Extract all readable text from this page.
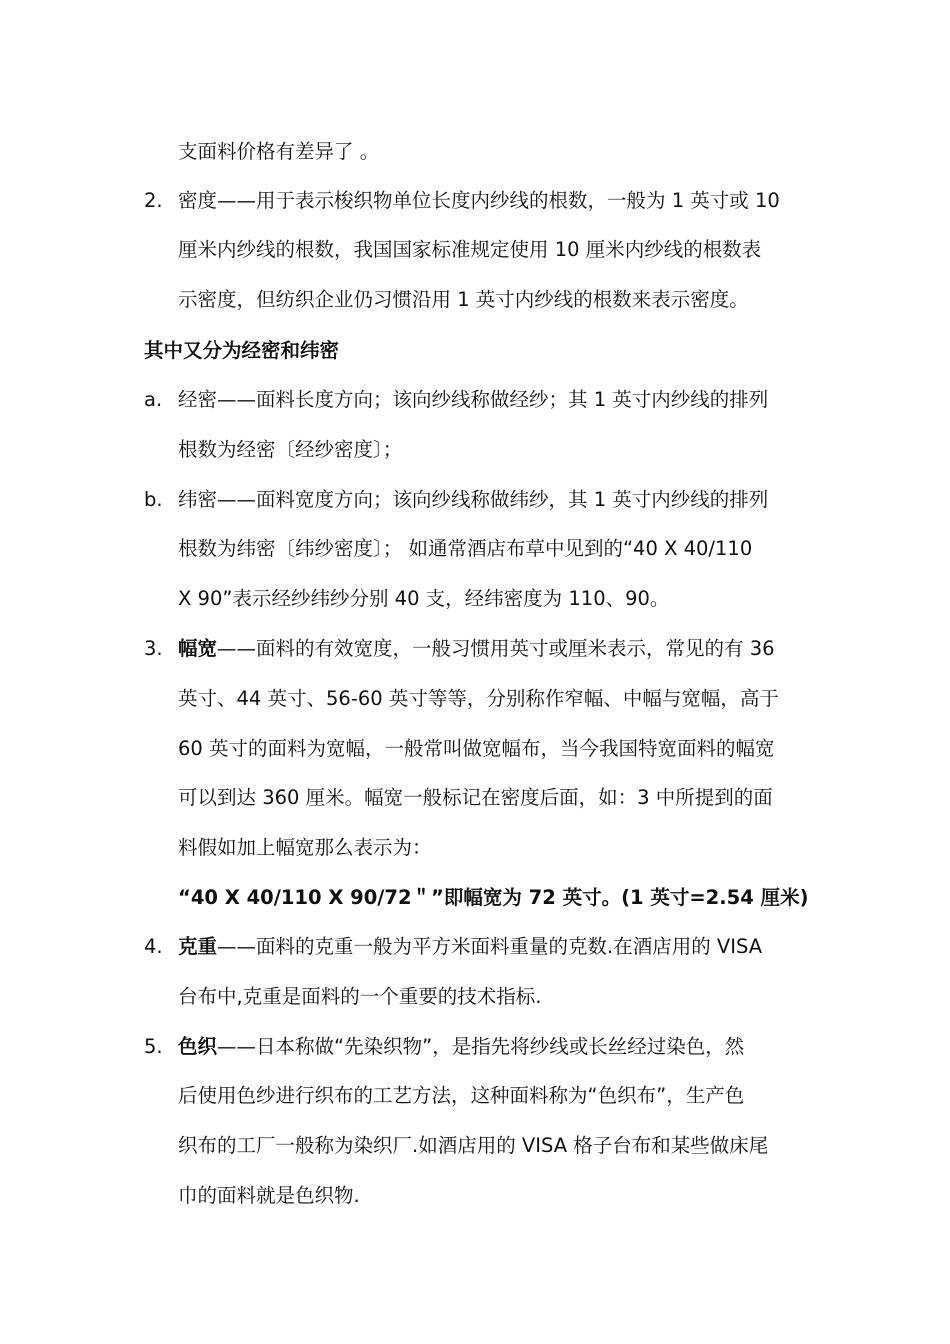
支面料价格有差异了 。
2. 密度——用于表示梭织物单位长度内纱线的根数，一般为 1 英寸或 10
厘米内纱线的根数，我国国家标准规定使用 10 厘米内纱线的根数表
示密度，但纺织企业仍习惯沿用 1 英寸内纱线的根数来表示密度。
其中又分为经密和纬密
a. 经密——面料长度方向；该向纱线称做经纱；其 1 英寸内纱线的排列
根数为经密〔经纱密度〕；
b. 纬密——面料宽度方向；该向纱线称做纬纱，其 1 英寸内纱线的排列
根数为纬密〔纬纱密度〕； 如通常酒店布草中见到的“40 X 40/110
X 90”表示经纱纬纱分别 40 支，经纬密度为 110、90。
3. 幅宽——面料的有效宽度，一般习惯用英寸或厘米表示，常见的有 36
英寸、44 英寸、56-60 英寸等等，分别称作窄幅、中幅与宽幅，高于
60 英寸的面料为宽幅，一般常叫做宽幅布，当今我国特宽面料的幅宽
可以到达 360 厘米。幅宽一般标记在密度后面，如：3 中所提到的面
料假如加上幅宽那么表示为：
“40 X 40/110 X 90/72＂”即幅宽为 72 英寸。(1 英寸=2.54 厘米)
4. 克重——面料的克重一般为平方米面料重量的克数.在酒店用的 VISA
台布中,克重是面料的一个重要的技术指标.
5. 色织——日本称做“先染织物”，是指先将纱线或长丝经过染色，然
后使用色纱进行织布的工艺方法，这种面料称为“色织布”，生产色
织布的工厂一般称为染织厂.如酒店用的 VISA 格子台布和某些做床尾
巾的面料就是色织物.
